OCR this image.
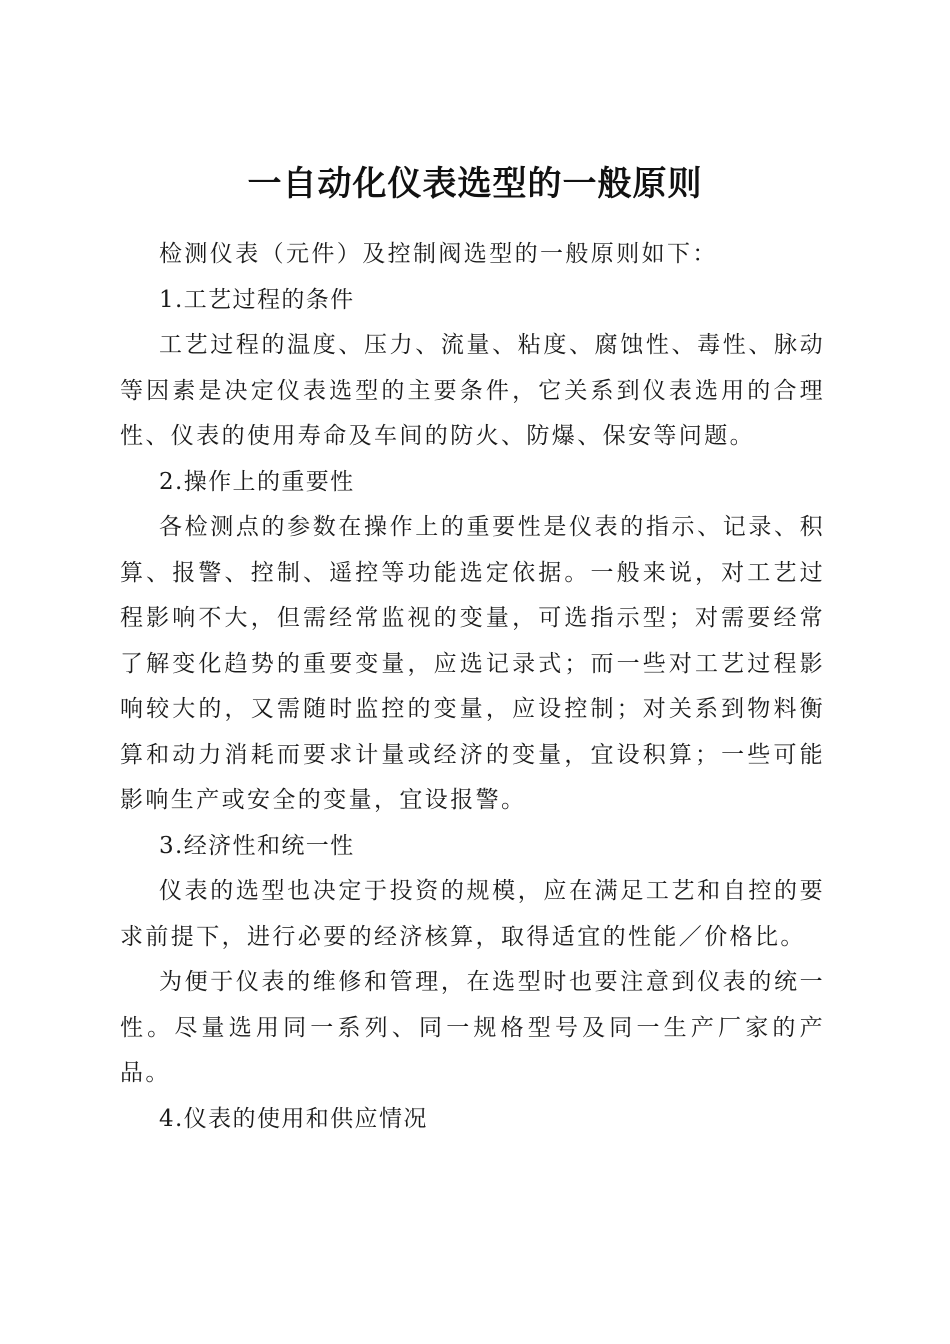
一自动化仪表选型的一般原则

检测仪表（元件）及控制阀选型的一般原则如下：

1.工艺过程的条件

工艺过程的温度、压力、流量、粘度、腐蚀性、毒性、脉动等因素是决定仪表选型的主要条件，它关系到仪表选用的合理性、仪表的使用寿命及车间的防火、防爆、保安等问题。

2.操作上的重要性

各检测点的参数在操作上的重要性是仪表的指示、记录、积算、报警、控制、遥控等功能选定依据。一般来说，对工艺过程影响不大，但需经常监视的变量，可选指示型；对需要经常了解变化趋势的重要变量，应选记录式；而一些对工艺过程影响较大的，又需随时监控的变量，应设控制；对关系到物料衡算和动力消耗而要求计量或经济的变量，宜设积算；一些可能影响生产或安全的变量，宜设报警。

3.经济性和统一性

仪表的选型也决定于投资的规模，应在满足工艺和自控的要求前提下，进行必要的经济核算，取得适宜的性能／价格比。

为便于仪表的维修和管理，在选型时也要注意到仪表的统一性。尽量选用同一系列、同一规格型号及同一生产厂家的产品。

4.仪表的使用和供应情况
